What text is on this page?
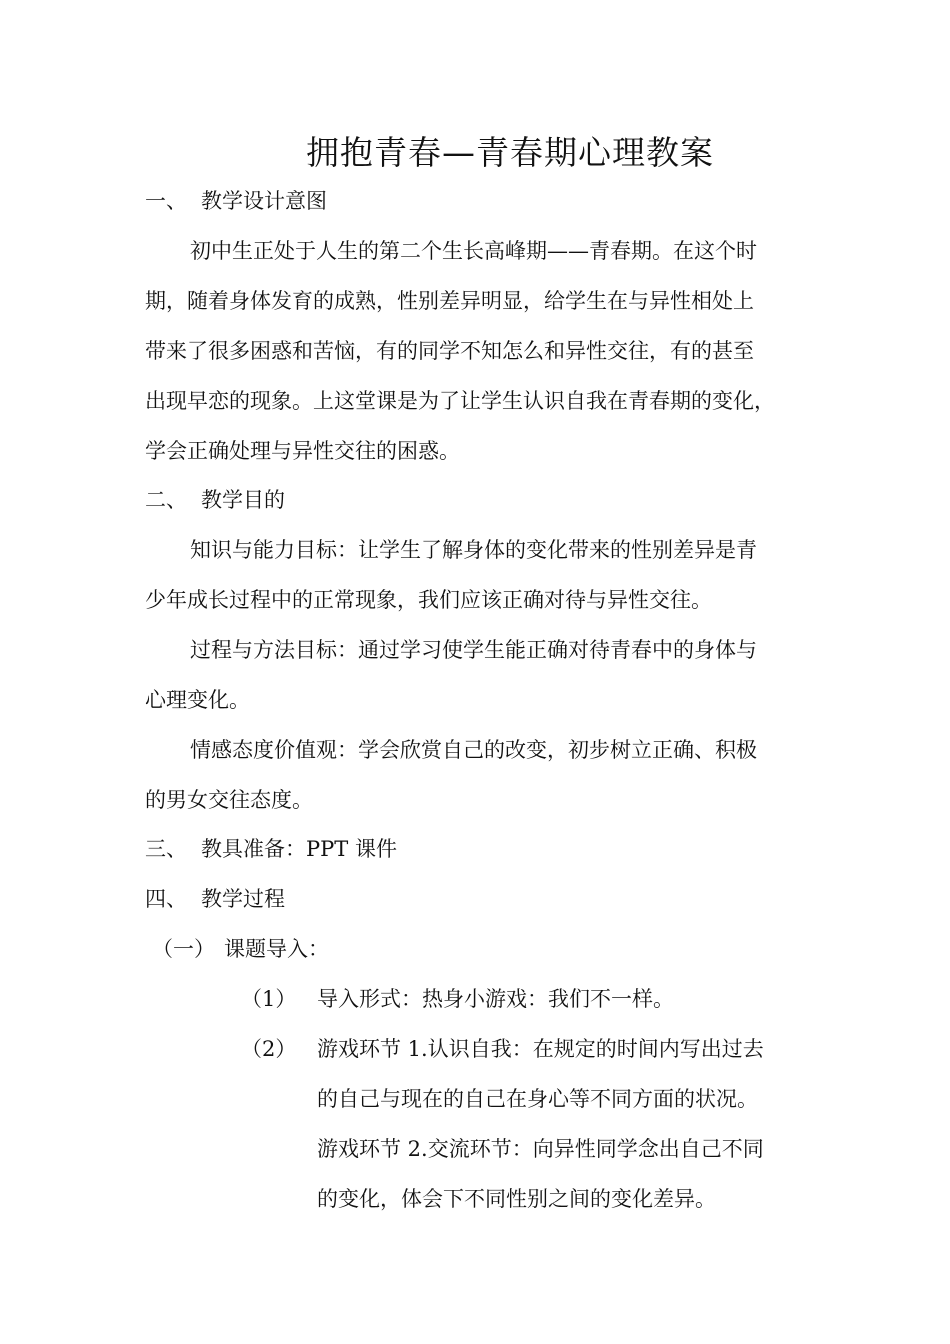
拥抱青春—青春期心理教案
一、 教学设计意图
初中生正处于人生的第二个生长高峰期——青春期。在这个时
期，随着身体发育的成熟，性别差异明显，给学生在与异性相处上
带来了很多困惑和苦恼，有的同学不知怎么和异性交往，有的甚至
出现早恋的现象。上这堂课是为了让学生认识自我在青春期的变化，
学会正确处理与异性交往的困惑。
二、 教学目的
知识与能力目标：让学生了解身体的变化带来的性别差异是青
少年成长过程中的正常现象，我们应该正确对待与异性交往。
过程与方法目标：通过学习使学生能正确对待青春中的身体与
心理变化。
情感态度价值观：学会欣赏自己的改变，初步树立正确、积极
的男女交往态度。
三、 教具准备：PPT 课件
四、 教学过程
（一） 课题导入：
（1） 导入形式：热身小游戏：我们不一样。
（2） 游戏环节 1.认识自我：在规定的时间内写出过去
的自己与现在的自己在身心等不同方面的状况。
游戏环节 2.交流环节：向异性同学念出自己不同
的变化，体会下不同性别之间的变化差异。
